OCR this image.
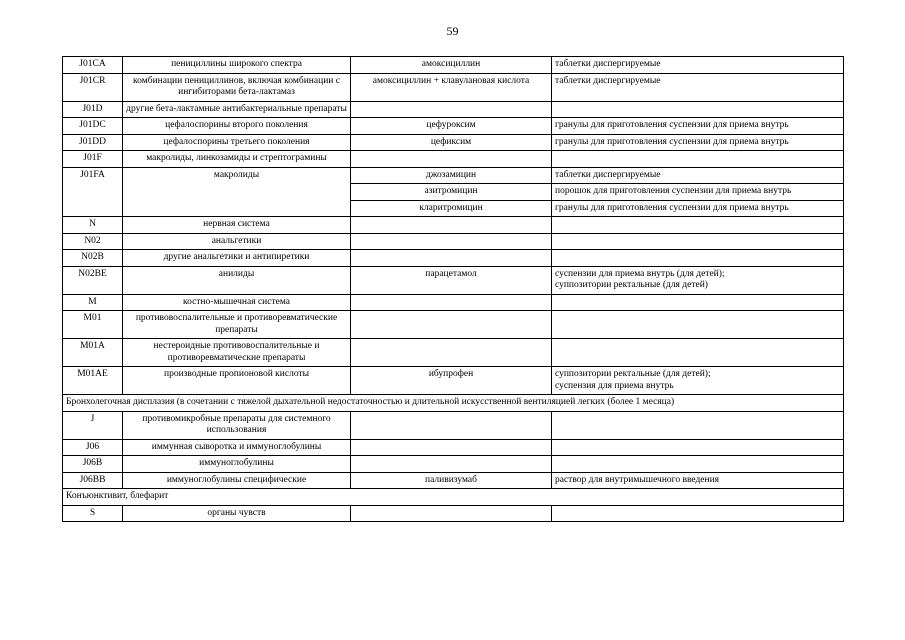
59
J01CA	пенициллины широкого спектра	амоксициллин	таблетки диспергируемые
J01CR	комбинации пенициллинов, включая комбинации с ингибиторами бета-лактамаз	амоксициллин + клавулановая кислота	таблетки диспергируемые
J01D	другие бета-лактамные антибактериальные препараты		
J01DC	цефалоспорины второго поколения	цефуроксим	гранулы для приготовления суспензии для приема внутрь
J01DD	цефалоспорины третьего поколения	цефиксим	гранулы для приготовления суспензии для приема внутрь
J01F	макролиды, линкозамиды и стрептограмины		
J01FA	макролиды	джозамицин	таблетки диспергируемые
		азитромицин	порошок для приготовления суспензии для приема внутрь
		кларитромицин	гранулы для приготовления суспензии для приема внутрь
N	нервная система		
N02	анальгетики		
N02B	другие анальгетики и антипиретики		
N02BE	анилиды	парацетамол	суспензии для приема внутрь (для детей);
суппозитории ректальные (для детей)

M	костно-мышечная система		
M01	противовоспалительные и противоревматические препараты		
M01A	нестероидные противовоспалительные и противоревматические препараты		
M01AE	производные пропионовой кислоты	ибупрофен	суппозитории ректальные (для детей);
суспензия для приема внутрь

Бронхолегочная дисплазия (в сочетании с тяжелой дыхательной недостаточностью и длительной искусственной вентиляцией легких (более 1 месяца)			
J	противомикробные препараты для системного использования		
J06	иммунная сыворотка и иммуноглобулины		
J06B	иммуноглобулины		
J06BB	иммуноглобулины специфические	паливизумаб	раствор для внутримышечного введения
Конъюнктивит, блефарит			
S	органы чувств		
